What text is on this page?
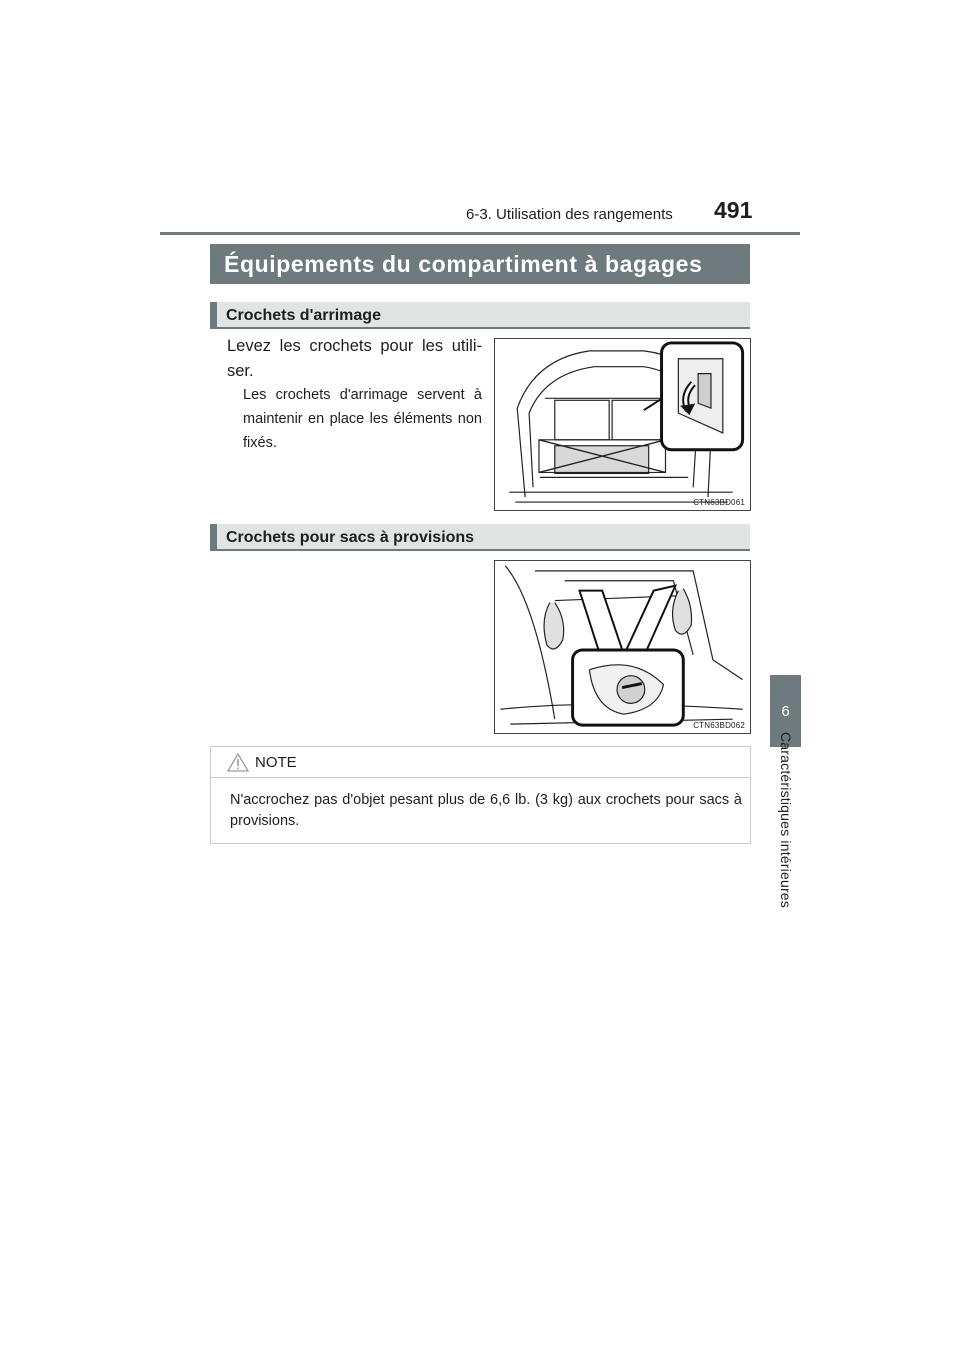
6-3. Utilisation des rangements 491
6
Caractéristiques intérieures
Équipements du compartiment à bagages
Crochets d'arrimage
Levez les crochets pour les utili-ser.
Les crochets d'arrimage servent à maintenir en place les éléments non fixés.
CTN63BD061
Crochets pour sacs à provisions
CTN63BD062
NOTE
N'accrochez pas d'objet pesant plus de 6,6 lb. (3 kg) aux crochets pour sacs à provisions.
